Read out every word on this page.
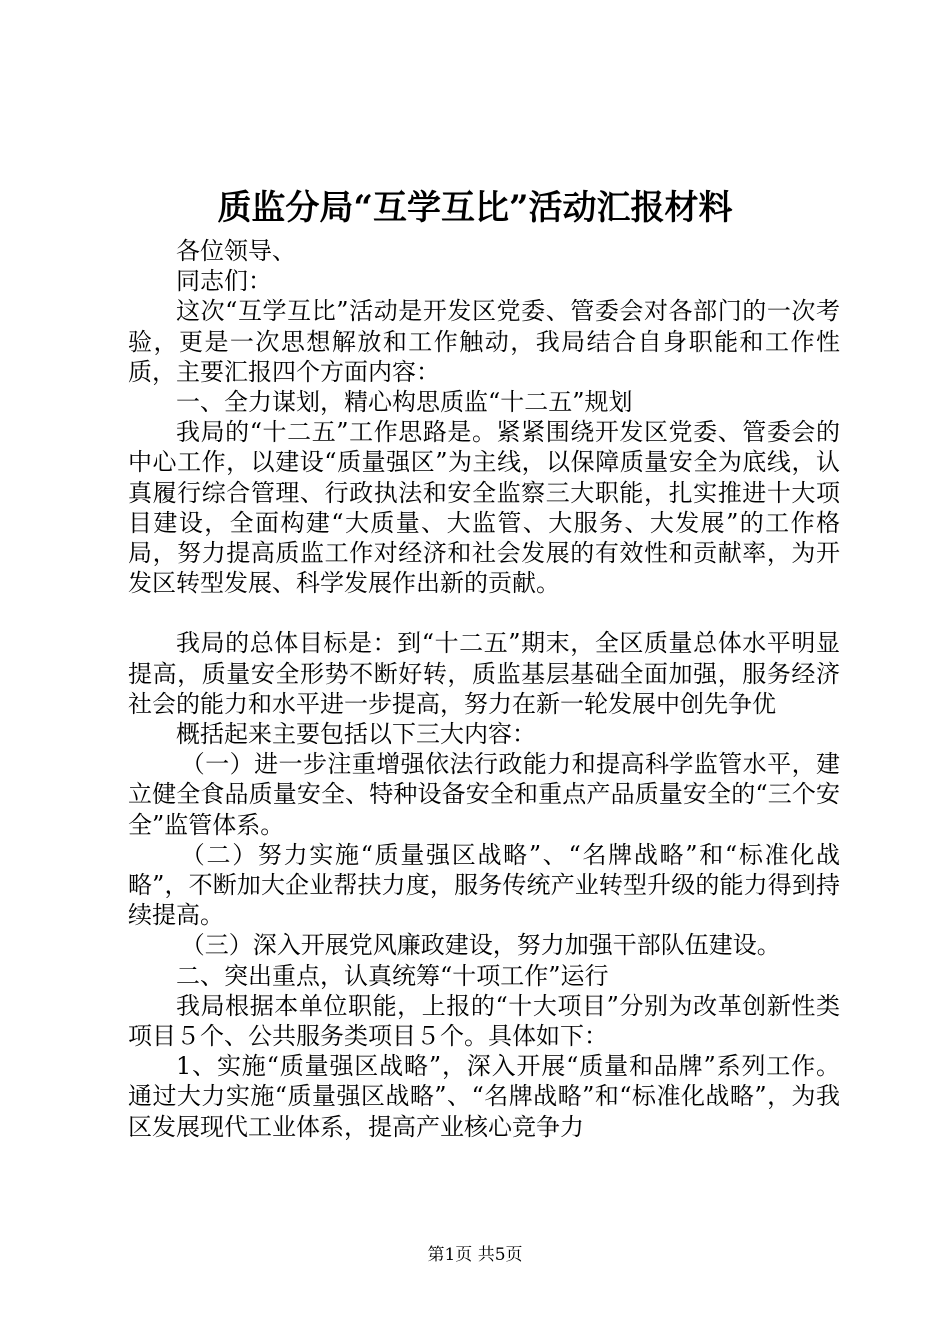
质监分局“互学互比”活动汇报材料

各位领导、

同志们：

这次“互学互比”活动是开发区党委、管委会对各部门的一次考验，更是一次思想解放和工作触动，我局结合自身职能和工作性质，主要汇报四个方面内容：

一、全力谋划，精心构思质监“十二五”规划

我局的“十二五”工作思路是。紧紧围绕开发区党委、管委会的中心工作，以建设“质量强区”为主线，以保障质量安全为底线，认真履行综合管理、行政执法和安全监察三大职能，扎实推进十大项目建设，全面构建“大质量、大监管、大服务、大发展”的工作格局，努力提高质监工作对经济和社会发展的有效性和贡献率，为开发区转型发展、科学发展作出新的贡献。

我局的总体目标是：到“十二五”期末，全区质量总体水平明显提高，质量安全形势不断好转，质监基层基础全面加强，服务经济社会的能力和水平进一步提高，努力在新一轮发展中创先争优

概括起来主要包括以下三大内容：

（一）进一步注重增强依法行政能力和提高科学监管水平，建立健全食品质量安全、特种设备安全和重点产品质量安全的“三个安全”监管体系。

（二）努力实施“质量强区战略”、“名牌战略”和“标准化战略”，不断加大企业帮扶力度，服务传统产业转型升级的能力得到持续提高。

（三）深入开展党风廉政建设，努力加强干部队伍建设。

二、突出重点，认真统筹“十项工作”运行

我局根据本单位职能，上报的“十大项目”分别为改革创新性类项目５个、公共服务类项目５个。具体如下：

1、实施“质量强区战略”，深入开展“质量和品牌”系列工作。通过大力实施“质量强区战略”、“名牌战略”和“标准化战略”，为我区发展现代工业体系，提高产业核心竞争力

第1页 共5页
